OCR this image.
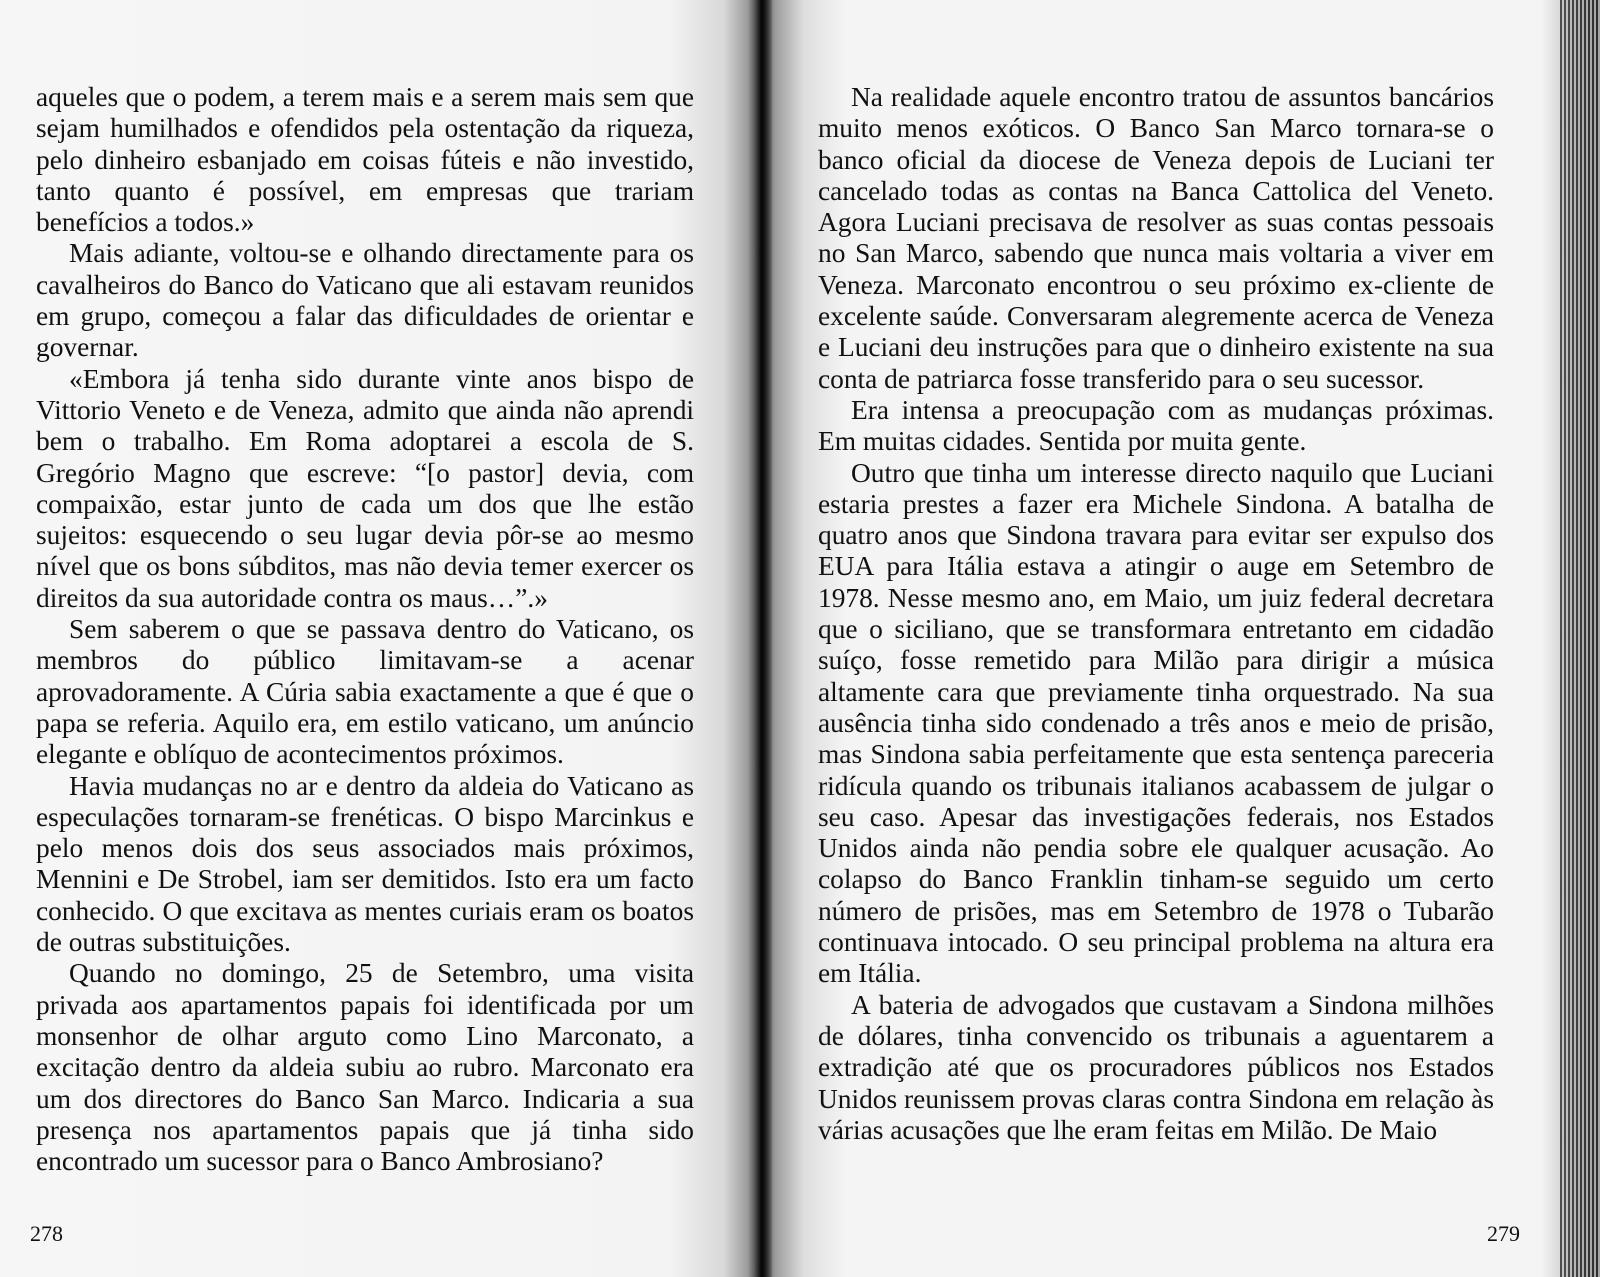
aqueles que o podem, a terem mais e a serem mais sem que sejam humilhados e ofendidos pela ostentação da riqueza, pelo dinheiro esbanjado em coisas fúteis e não investido, tanto quanto é possível, em empresas que trariam benefícios a todos.»

Mais adiante, voltou-se e olhando directamente para os cavalheiros do Banco do Vaticano que ali estavam reunidos em grupo, começou a falar das dificuldades de orientar e governar.

«Embora já tenha sido durante vinte anos bispo de Vittorio Veneto e de Veneza, admito que ainda não aprendi bem o trabalho. Em Roma adoptarei a escola de S. Gregório Magno que escreve: “[o pastor] devia, com compaixão, estar junto de cada um dos que lhe estão sujeitos: esquecendo o seu lugar devia pôr-se ao mesmo nível que os bons súbditos, mas não devia temer exercer os direitos da sua autoridade contra os maus…”.»

Sem saberem o que se passava dentro do Vaticano, os membros do público limitavam-se a acenar aprovadoramente. A Cúria sabia exactamente a que é que o papa se referia. Aquilo era, em estilo vaticano, um anúncio elegante e oblíquo de acontecimentos próximos.

Havia mudanças no ar e dentro da aldeia do Vaticano as especulações tornaram-se frenéticas. O bispo Marcinkus e pelo menos dois dos seus associados mais próximos, Mennini e De Strobel, iam ser demitidos. Isto era um facto conhecido. O que excitava as mentes curiais eram os boatos de outras substituições.

Quando no domingo, 25 de Setembro, uma visita privada aos apartamentos papais foi identificada por um monsenhor de olhar arguto como Lino Marconato, a excitação dentro da aldeia subiu ao rubro. Marconato era um dos directores do Banco San Marco. Indicaria a sua presença nos apartamentos papais que já tinha sido encontrado um sucessor para o Banco Ambrosiano?

278

Na realidade aquele encontro tratou de assuntos bancários muito menos exóticos. O Banco San Marco tornara-se o banco oficial da diocese de Veneza depois de Luciani ter cancelado todas as contas na Banca Cattolica del Veneto. Agora Luciani precisava de resolver as suas contas pessoais no San Marco, sabendo que nunca mais voltaria a viver em Veneza. Marconato encontrou o seu próximo ex-cliente de excelente saúde. Conversaram alegremente acerca de Veneza e Luciani deu instruções para que o dinheiro existente na sua conta de patriarca fosse transferido para o seu sucessor.

Era intensa a preocupação com as mudanças próximas. Em muitas cidades. Sentida por muita gente.

Outro que tinha um interesse directo naquilo que Luciani estaria prestes a fazer era Michele Sindona. A batalha de quatro anos que Sindona travara para evitar ser expulso dos EUA para Itália estava a atingir o auge em Setembro de 1978. Nesse mesmo ano, em Maio, um juiz federal decretara que o siciliano, que se transformara entretanto em cidadão suíço, fosse remetido para Milão para dirigir a música altamente cara que previamente tinha orquestrado. Na sua ausência tinha sido condenado a três anos e meio de prisão, mas Sindona sabia perfeitamente que esta sentença pareceria ridícula quando os tribunais italianos acabassem de julgar o seu caso. Apesar das investigações federais, nos Estados Unidos ainda não pendia sobre ele qualquer acusação. Ao colapso do Banco Franklin tinham-se seguido um certo número de prisões, mas em Setembro de 1978 o Tubarão continuava intocado. O seu principal problema na altura era em Itália.

A bateria de advogados que custavam a Sindona milhões de dólares, tinha convencido os tribunais a aguentarem a extradição até que os procuradores públicos nos Estados Unidos reunissem provas claras contra Sindona em relação às várias acusações que lhe eram feitas em Milão. De Maio

279
